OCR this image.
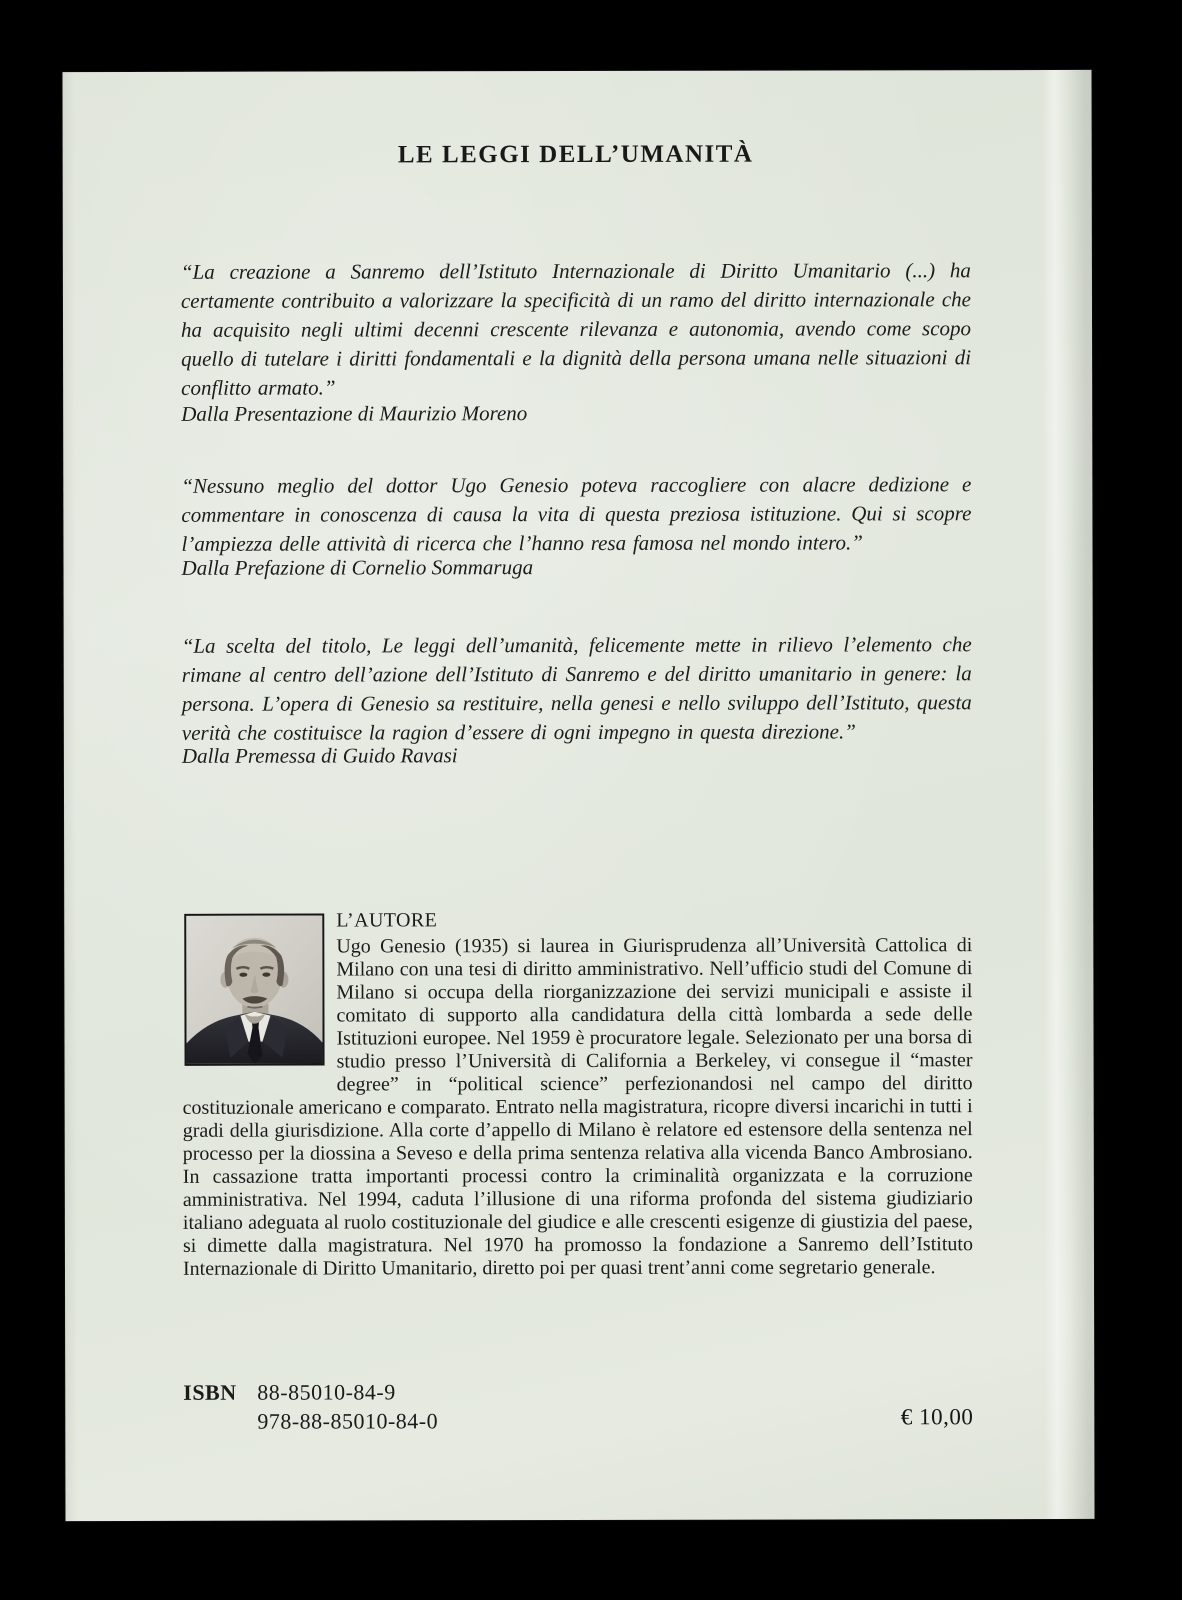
LE LEGGI DELL’UMANITÀ
“La creazione a Sanremo dell’Istituto Internazionale di Diritto Umanitario (...) ha certamente contribuito a valorizzare la specificità di un ramo del diritto internazionale che ha acquisito negli ultimi decenni crescente rilevanza e autonomia, avendo come scopo quello di tutelare i diritti fondamentali e la dignità della persona umana nelle situazioni di conflitto armato.”
Dalla Presentazione di Maurizio Moreno
“Nessuno meglio del dottor Ugo Genesio poteva raccogliere con alacre dedizione e commentare in conoscenza di causa la vita di questa preziosa istituzione. Qui si scopre l’ampiezza delle attività di ricerca che l’hanno resa famosa nel mondo intero.”
Dalla Prefazione di Cornelio Sommaruga
“La scelta del titolo, Le leggi dell’umanità, felicemente mette in rilievo l’elemento che rimane al centro dell’azione dell’Istituto di Sanremo e del diritto umanitario in genere: la persona. L’opera di Genesio sa restituire, nella genesi e nello sviluppo dell’Istituto, questa verità che costituisce la ragion d’essere di ogni impegno in questa direzione.”
Dalla Premessa di Guido Ravasi
L’AUTORE

Ugo Genesio (1935) si laurea in Giurisprudenza all’Università Cattolica di Milano con una tesi di diritto amministrativo. Nell’ufficio studi del Comune di Milano si occupa della riorganizzazione dei servizi municipali e assiste il comitato di supporto alla candidatura della città lombarda a sede delle Istituzioni europee. Nel 1959 è procuratore legale. Selezionato per una borsa di studio presso l’Università di California a Berkeley, vi consegue il “master degree” in “political science” perfezionandosi nel campo del diritto costituzionale americano e comparato. Entrato nella magistratura, ricopre diversi incarichi in tutti i gradi della giurisdizione. Alla corte d’appello di Milano è relatore ed estensore della sentenza nel processo per la diossina a Seveso e della prima sentenza relativa alla vicenda Banco Ambrosiano. In cassazione tratta importanti processi contro la criminalità organizzata e la corruzione amministrativa. Nel 1994, caduta l’illusione di una riforma profonda del sistema giudiziario italiano adeguata al ruolo costituzionale del giudice e alle crescenti esigenze di giustizia del paese, si dimette dalla magistratura. Nel 1970 ha promosso la fondazione a Sanremo dell’Istituto Internazionale di Diritto Umanitario, diretto poi per quasi trent’anni come segretario generale.

ISBN 88-85010-84-9
978-88-85010-84-0	€ 10,00
